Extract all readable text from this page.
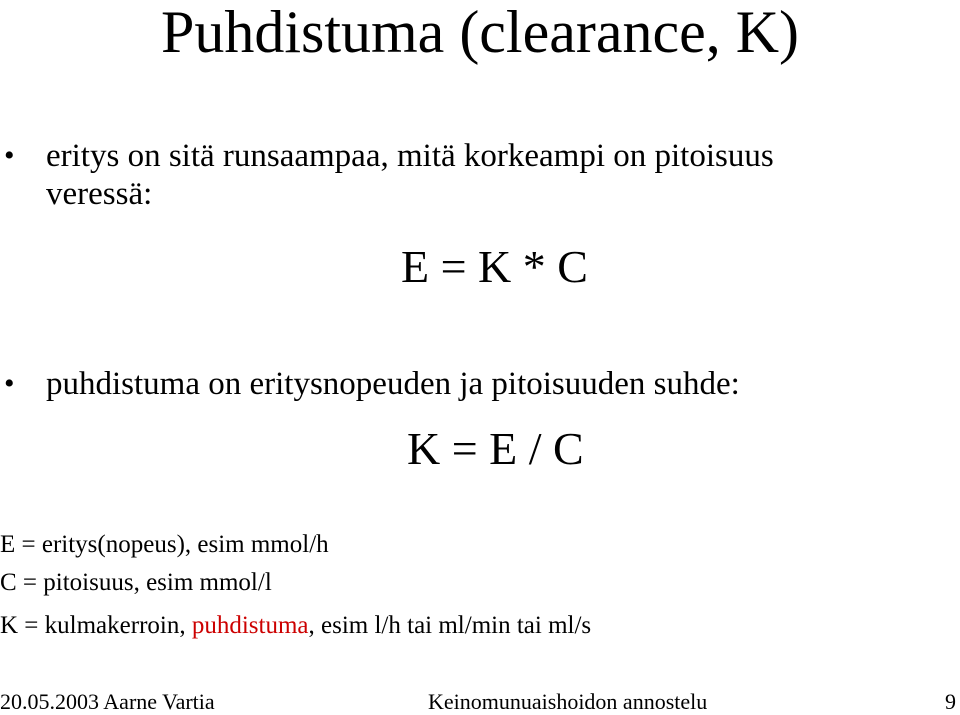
Puhdistuma (clearance, K)
• eritys on sitä runsaampaa, mitä korkeampi on pitoisuus
veressä:
E = K * C
• puhdistuma on eritysnopeuden ja pitoisuuden suhde:
K = E / C
E = eritys(nopeus), esim mmol/h
C = pitoisuus, esim mmol/l
K = kulmakerroin, puhdistuma, esim l/h tai ml/min tai ml/s
20.05.2003 Aarne Vartia	Keinomunuaishoidon annostelu	9
